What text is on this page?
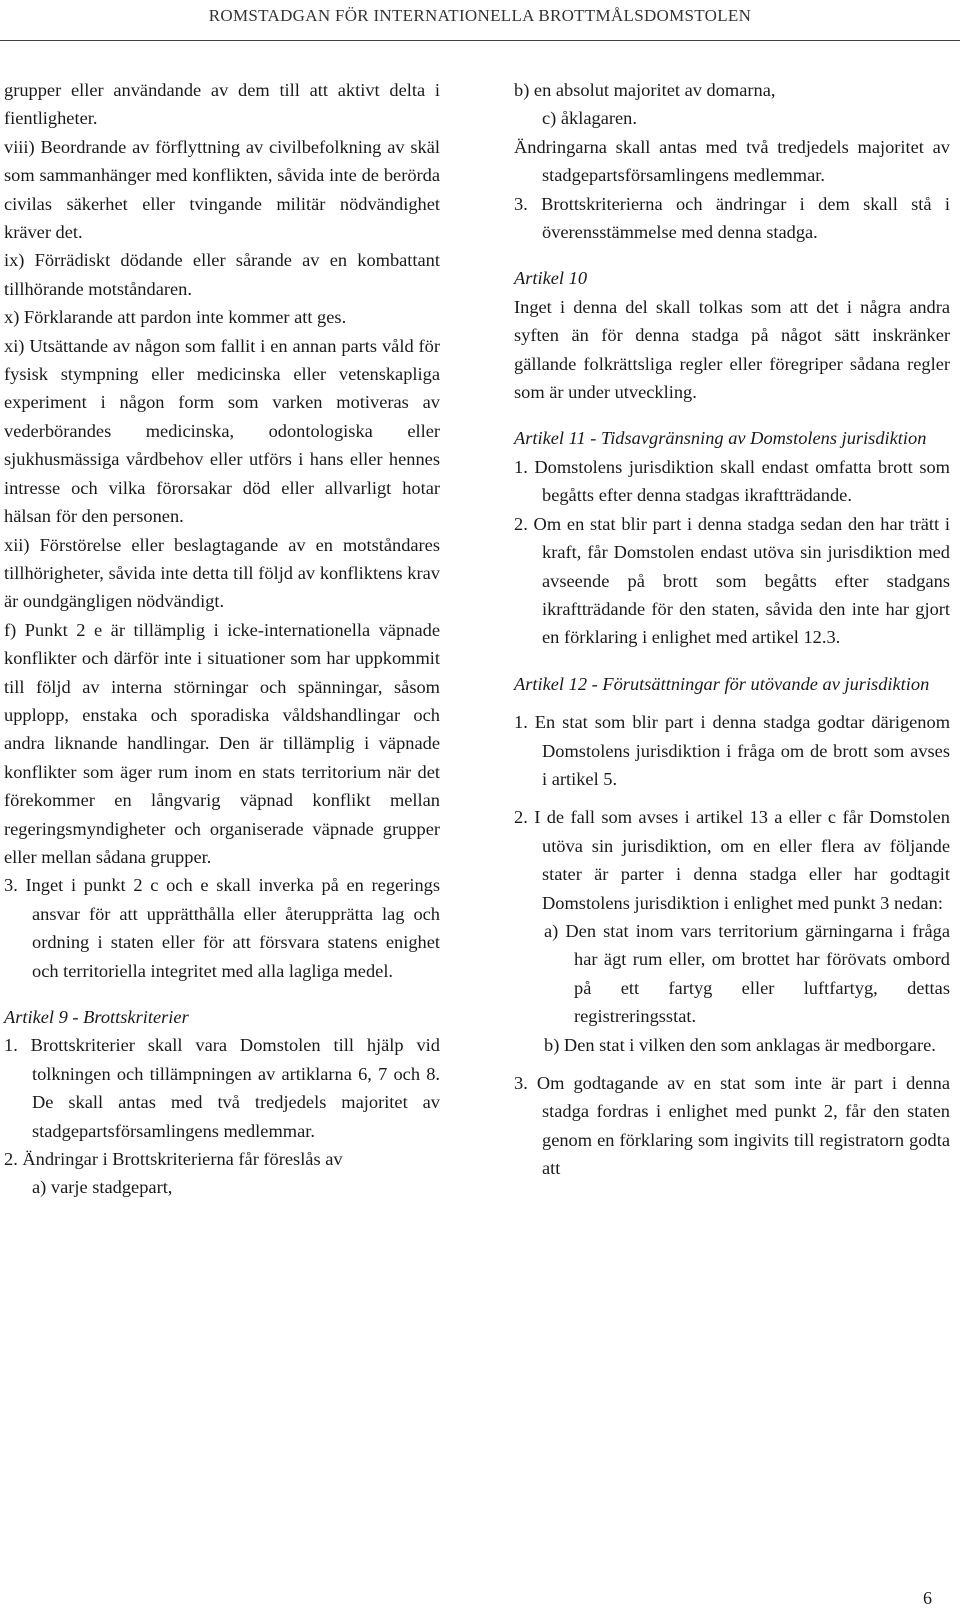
ROMSTADGAN FÖR INTERNATIONELLA BROTTMÅLSDOMSTOLEN

grupper eller användande av dem till att aktivt delta i fientligheter.

viii) Beordrande av förflyttning av civilbefolkning av skäl som sammanhänger med konflikten, såvida inte de berörda civilas säkerhet eller tvingande militär nödvändighet kräver det.

ix) Förrädiskt dödande eller sårande av en kombattant tillhörande motståndaren.

x) Förklarande att pardon inte kommer att ges.

xi) Utsättande av någon som fallit i en annan parts våld för fysisk stympning eller medicinska eller vetenskapliga experiment i någon form som varken motiveras av vederbörandes medicinska, odontologiska eller sjukhusmässiga vårdbehov eller utförs i hans eller hennes intresse och vilka förorsakar död eller allvarligt hotar hälsan för den personen.

xii) Förstörelse eller beslagtagande av en motståndares tillhörigheter, såvida inte detta till följd av konfliktens krav är oundgängligen nödvändigt.

f) Punkt 2 e är tillämplig i icke-internationella väpnade konflikter och därför inte i situationer som har uppkommit till följd av interna störningar och spänningar, såsom upplopp, enstaka och sporadiska våldshandlingar och andra liknande handlingar. Den är tillämplig i väpnade konflikter som äger rum inom en stats territorium när det förekommer en långvarig väpnad konflikt mellan regeringsmyndigheter och organiserade väpnade grupper eller mellan sådana grupper.

3. Inget i punkt 2 c och e skall inverka på en regerings ansvar för att upprätthålla eller återupprätta lag och ordning i staten eller för att försvara statens enighet och territoriella integritet med alla lagliga medel.

Artikel 9 - Brottskriterier

1. Brottskriterier skall vara Domstolen till hjälp vid tolkningen och tillämpningen av artiklarna 6, 7 och 8. De skall antas med två tredjedels majoritet av stadgepartsförsamlingens medlemmar.

2. Ändringar i Brottskriterierna får föreslås av

a) varje stadgepart,

b) en absolut majoritet av domarna,

c) åklagaren.

Ändringarna skall antas med två tredjedels majoritet av stadgepartsförsamlingens medlemmar.

3. Brottskriterierna och ändringar i dem skall stå i överensstämmelse med denna stadga.

Artikel 10

Inget i denna del skall tolkas som att det i några andra syften än för denna stadga på något sätt inskränker gällande folkrättsliga regler eller föregriper sådana regler som är under utveckling.

Artikel 11 - Tidsavgränsning av Domstolens jurisdiktion

1. Domstolens jurisdiktion skall endast omfatta brott som begåtts efter denna stadgas ikraftträdande.

2. Om en stat blir part i denna stadga sedan den har trätt i kraft, får Domstolen endast utöva sin jurisdiktion med avseende på brott som begåtts efter stadgans ikraftträdande för den staten, såvida den inte har gjort en förklaring i enlighet med artikel 12.3.

Artikel 12 - Förutsättningar för utövande av jurisdiktion

1. En stat som blir part i denna stadga godtar därigenom Domstolens jurisdiktion i fråga om de brott som avses i artikel 5.

2. I de fall som avses i artikel 13 a eller c får Domstolen utöva sin jurisdiktion, om en eller flera av följande stater är parter i denna stadga eller har godtagit Domstolens jurisdiktion i enlighet med punkt 3 nedan:

a) Den stat inom vars territorium gärningarna i fråga har ägt rum eller, om brottet har förövats ombord på ett fartyg eller luftfartyg, dettas registreringsstat.

b) Den stat i vilken den som anklagas är medborgare.

3. Om godtagande av en stat som inte är part i denna stadga fordras i enlighet med punkt 2, får den staten genom en förklaring som ingivits till registratorn godta att

6
